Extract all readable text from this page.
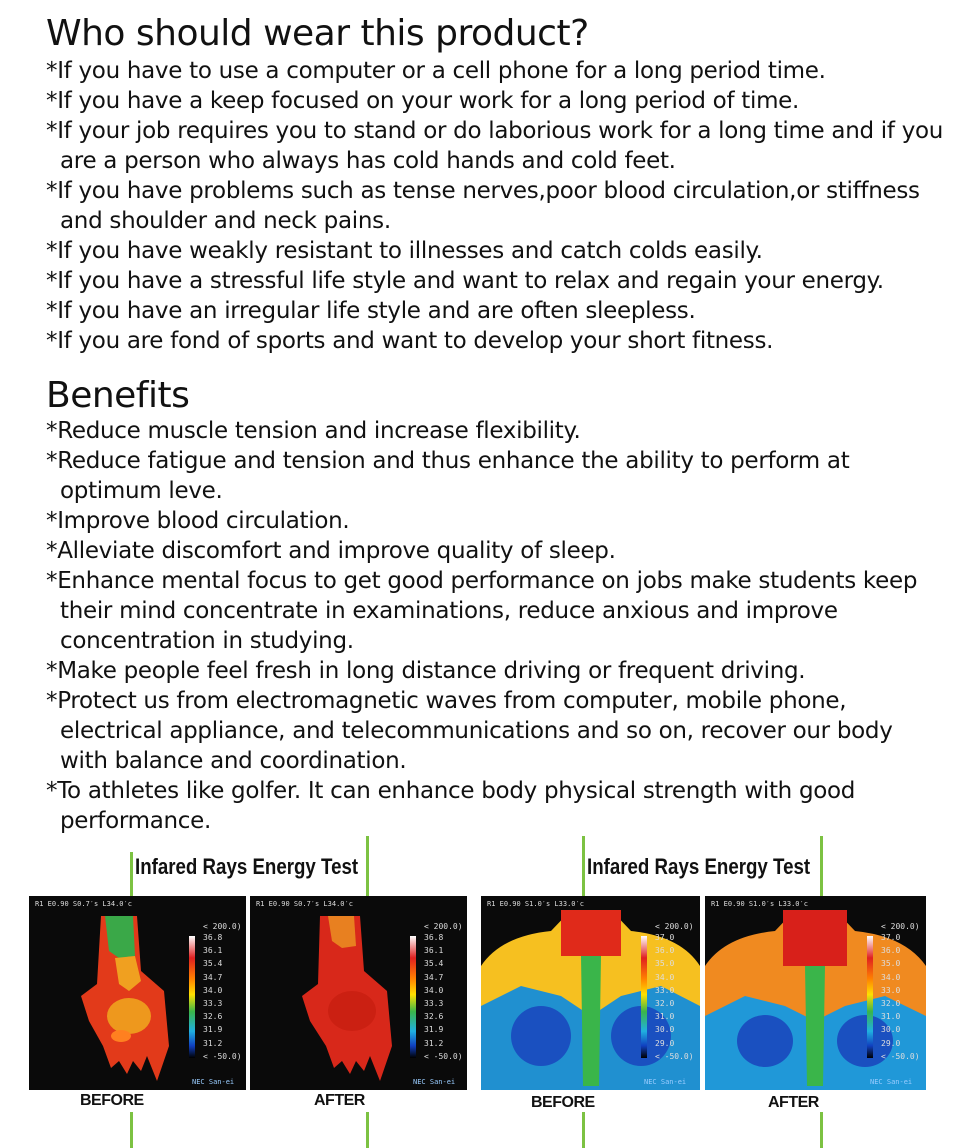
Who should wear this product?
*If you have to use a computer or a cell phone for a long period time.
*If you have a keep focused on your work for a long period of time.
*If your job requires you to stand or do laborious work for a long time and if you are a person who always has cold hands and cold feet.
*If you have problems such as tense nerves,poor blood circulation,or stiffness and shoulder and neck pains.
*If you have weakly resistant to illnesses and catch colds easily.
*If you have a stressful life style and want to relax and regain your energy.
*If you have an irregular life style and are often sleepless.
*If you are fond of sports and want to develop your short fitness.
Benefits
*Reduce muscle tension and increase flexibility.
*Reduce fatigue and tension and thus enhance the ability to perform at optimum leve.
*Improve blood circulation.
*Alleviate discomfort and improve quality of sleep.
*Enhance mental focus to get good performance on jobs make students keep their mind concentrate in examinations, reduce anxious and improve concentration in studying.
*Make people feel fresh in long distance driving or frequent driving.
*Protect us from electromagnetic waves from computer, mobile phone, electrical appliance, and telecommunications and so on, recover our body with balance and coordination.
*To athletes like golfer. It can enhance body physical strength with good performance.
Infared Rays Energy Test	Infared Rays Energy Test
R1 E0.90 S0.7′s L34.0′c
< 200.0)
36.8
36.1
35.4
34.7
34.0
33.3
32.6
31.9
31.2
< -50.0)
NEC San-ei
R1 E0.90 S0.7′s L34.0′c
< 200.0)
36.8
36.1
35.4
34.7
34.0
33.3
32.6
31.9
31.2
< -50.0)
NEC San-ei
R1 E0.90 S1.0′s L33.0′c
< 200.0)
37.0
36.0
35.0
34.0
33.0
32.0
31.0
30.0
29.0
< -50.0)
NEC San-ei
R1 E0.90 S1.0′s L33.0′c
< 200.0)
37.0
36.0
35.0
34.0
33.0
32.0
31.0
30.0
29.0
< -50.0)
NEC San-ei
BEFORE	AFTER	BEFORE	AFTER
